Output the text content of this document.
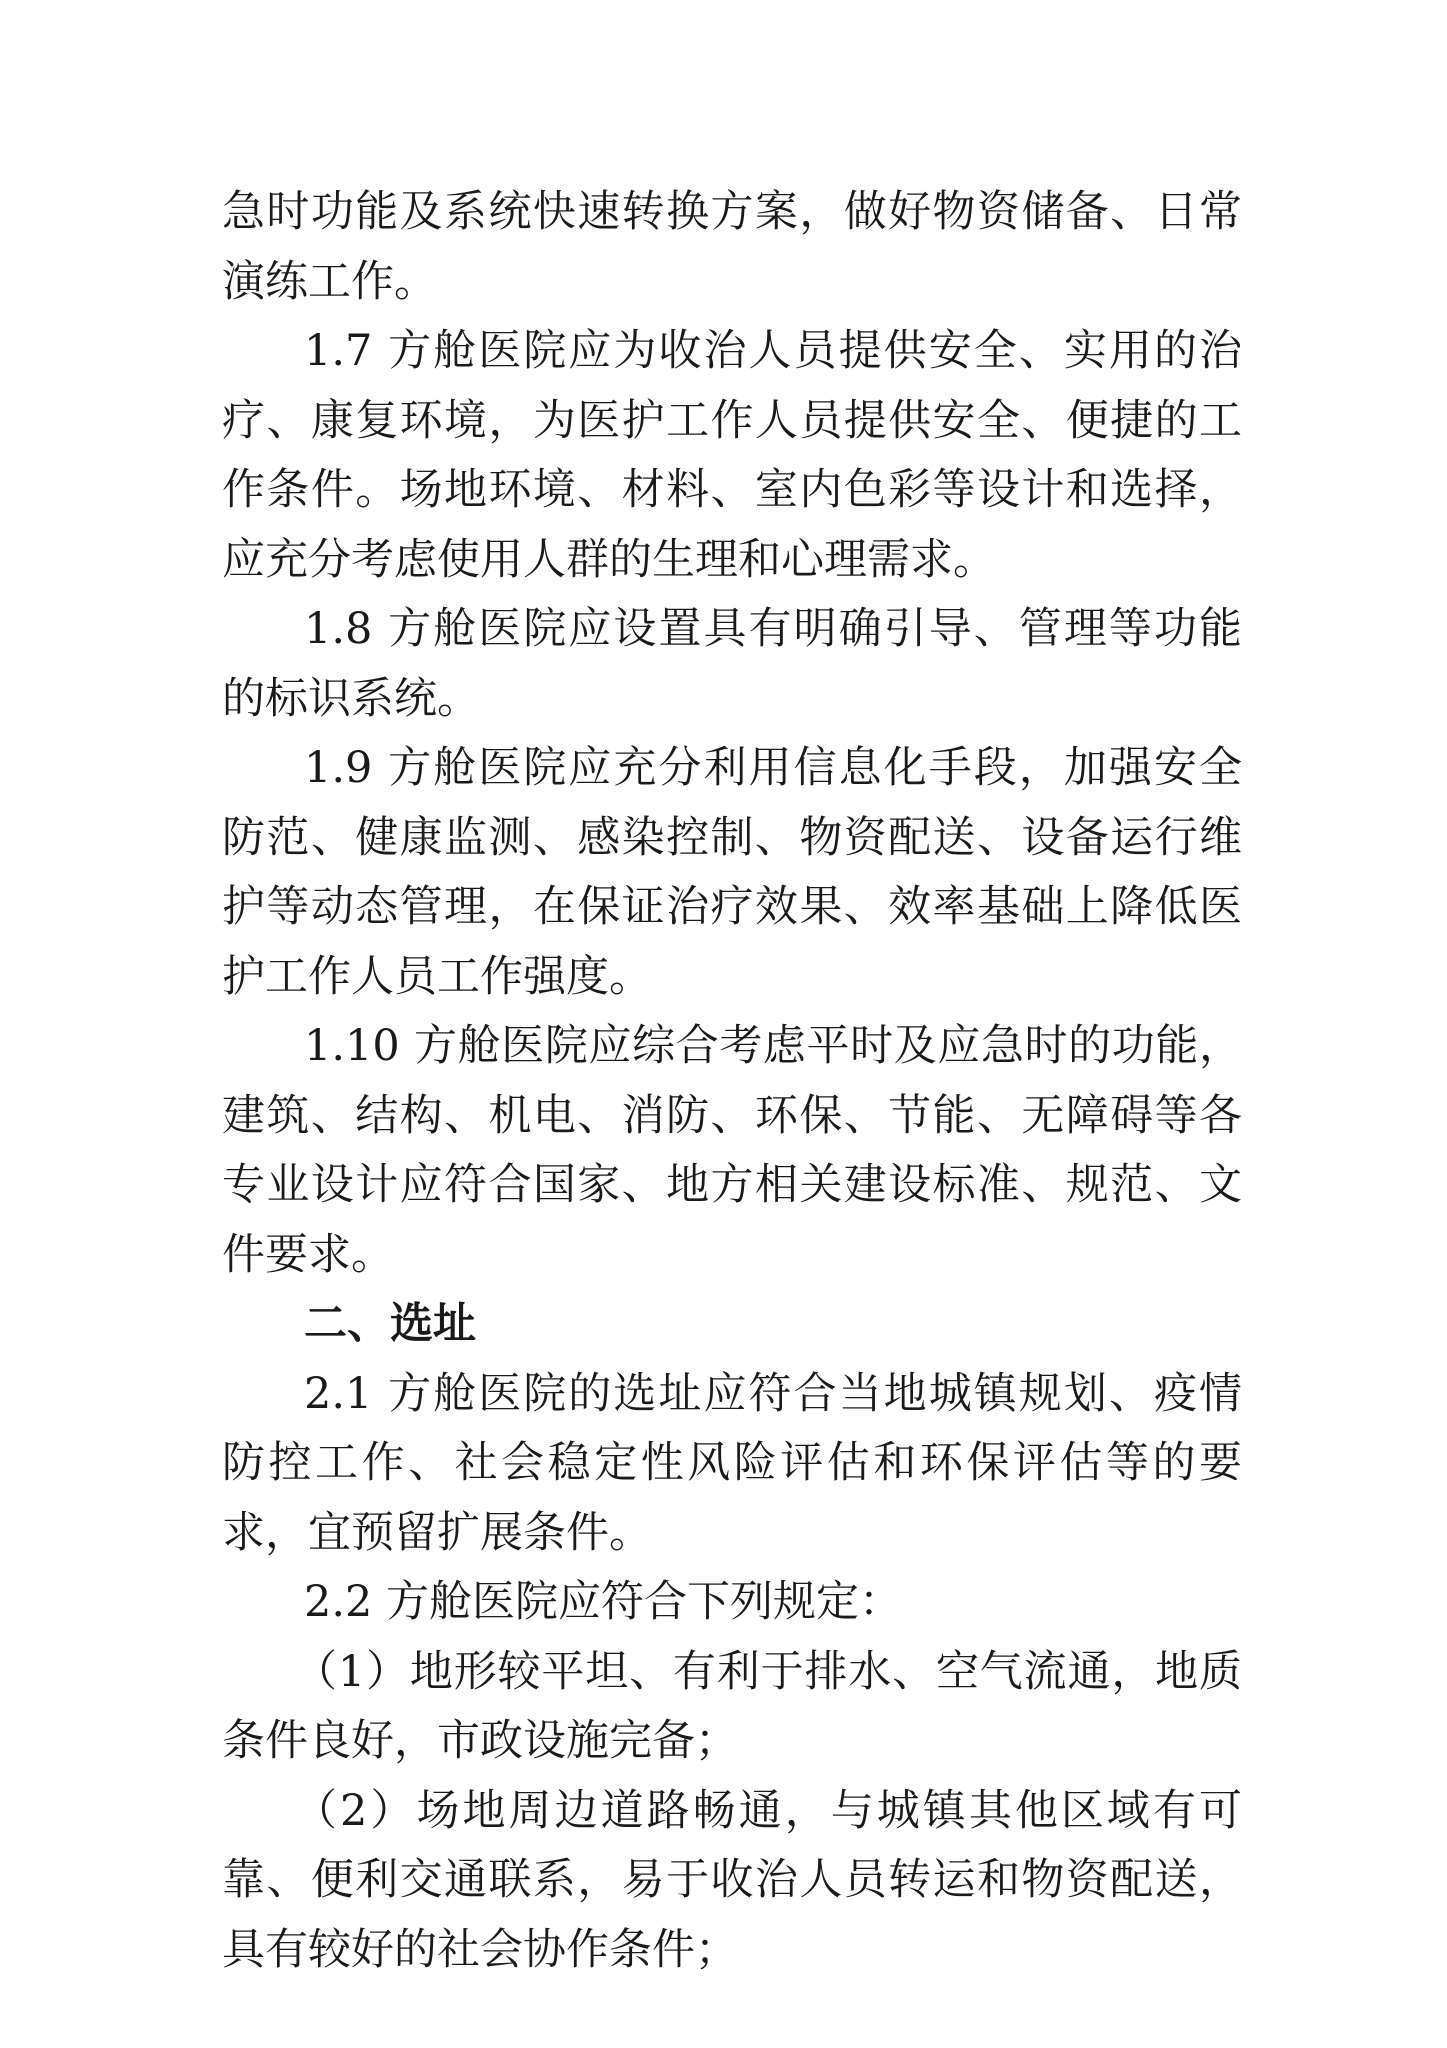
急时功能及系统快速转换方案，做好物资储备、日常演练工作。

1.7 方舱医院应为收治人员提供安全、实用的治疗、康复环境，为医护工作人员提供安全、便捷的工作条件。场地环境、材料、室内色彩等设计和选择，应充分考虑使用人群的生理和心理需求。

1.8 方舱医院应设置具有明确引导、管理等功能的标识系统。

1.9 方舱医院应充分利用信息化手段，加强安全防范、健康监测、感染控制、物资配送、设备运行维护等动态管理，在保证治疗效果、效率基础上降低医护工作人员工作强度。

1.10 方舱医院应综合考虑平时及应急时的功能，建筑、结构、机电、消防、环保、节能、无障碍等各专业设计应符合国家、地方相关建设标准、规范、文件要求。

二、选址

2.1 方舱医院的选址应符合当地城镇规划、疫情防控工作、社会稳定性风险评估和环保评估等的要求，宜预留扩展条件。

2.2 方舱医院应符合下列规定：

（1）地形较平坦、有利于排水、空气流通，地质条件良好，市政设施完备；

（2）场地周边道路畅通，与城镇其他区域有可靠、便利交通联系，易于收治人员转运和物资配送，具有较好的社会协作条件；
